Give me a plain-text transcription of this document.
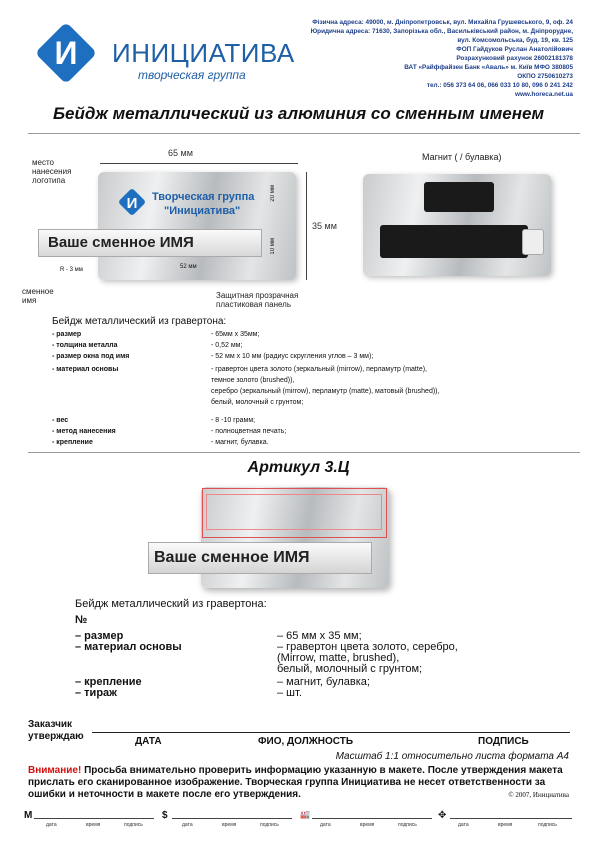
И ИНИЦИАТИВА
творческая группа
Фізична адреса: 49000, м. Дніпропетровськ, вул. Михайла Грушевського, 9, оф. 24
Юридична адреса: 71630, Запорізька обл., Васильківський район, м. Дніпрорудне,
вул. Комсомольська, буд. 19, кв. 125
ФОП Гайдуков Руслан Анатолійович
Розрахунковий рахунок 26002181378
ВАТ «Райффайзен Банк «Аваль» м. Київ МФО 380805
ОКПО 2750610273
тел.: 056 373 64 06, 066 033 10 80, 096 0 241 242
www.horeca.net.ua
Бейдж металлический из алюминия со сменным именем
место
нанесения
логотипа
65 мм
И Творческая группа
"Инициатива"
Ваше сменное ИМЯ
20 мм
10 мм
52 мм
R - 3 мм
35 мм
сменное
имя
Защитная прозрачная
пластиковая панель
Магнит ( / булавка)
Бейдж металлический из гравертона:
- размер	- 65мм х 35мм;
- толщина металла	- 0,52 мм;
- размер окна под имя	- 52 мм х 10 мм (радиус скругления углов – 3 мм);
- материал основы	- гравертон цвета золото (зеркальный (mirrow), перламутр (matte),
темное золото (brushed)),
серебро (зеркальный (mirrow), перламутр (matte), матовый (brushed)),
белый, молочный с грунтом;
- вес	- 8 -10 грамм;
- метод нанесения	- полноцветная печать;
- крепление	- магнит, булавка.
Артикул 3.Ц
Ваше сменное ИМЯ
Бейдж металлический из гравертона:
№
– размер	– 65 мм х 35 мм;
– материал основы	– гравертон цвета золото, серебро,
(Mirrow, matte, brushed),
белый, молочный с грунтом;
– крепление	– магнит, булавка;
– тираж	– шт.
Заказчик
утверждаю	ДАТА	ФИО, ДОЛЖНОСТЬ	ПОДПИСЬ
Масштаб 1:1 относительно листа формата А4
Внимание! Просьба внимательно проверить информацию указанную в макете. После утверждения макета прислать его сканированное изображение. Творческая группа Инициатива не несет ответственности за ошибки и неточности в макете после его утверждения.	© 2007, Инициатива
М
дата	время	подпись
$
дата	время	подпись
🏭
дата	время	подпись
✥
дата	время	подпись
